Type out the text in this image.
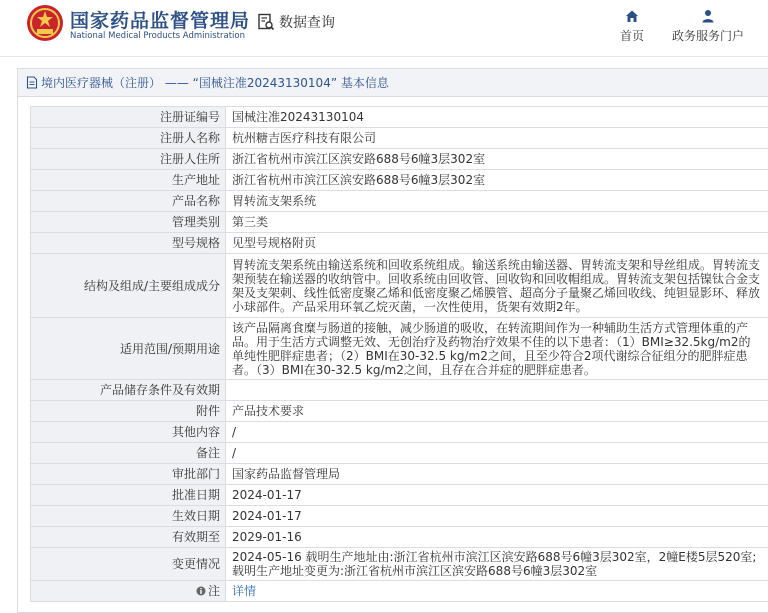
国家药品监督管理局
National Medical Products Administration
数据查询
首页 政务服务门户
境内医疗器械（注册） —— “国械注准20243130104” 基本信息
注册证编号	国械注准20243130104
注册人名称	杭州糖吉医疗科技有限公司
注册人住所	浙江省杭州市滨江区滨安路688号6幢3层302室
生产地址	浙江省杭州市滨江区滨安路688号6幢3层302室
产品名称	胃转流支架系统
管理类别	第三类
型号规格	见型号规格附页
结构及组成/主要组成成分	胃转流支架系统由输送系统和回收系统组成。输送系统由输送器、胃转流支架和导丝组成。胃转流支架预装在输送器的收纳管中。回收系统由回收管、回收钩和回收帽组成。胃转流支架包括镍钛合金支架及支架刺、线性低密度聚乙烯和低密度聚乙烯膜管、超高分子量聚乙烯回收线、纯钽显影环、释放小球部件。产品采用环氧乙烷灭菌，一次性使用，货架有效期2年。
适用范围/预期用途	该产品隔离食糜与肠道的接触，减少肠道的吸收，在转流期间作为一种辅助生活方式管理体重的产品。用于生活方式调整无效、无创治疗及药物治疗效果不佳的以下患者：（1）BMI≥32.5kg/m2的单纯性肥胖症患者；（2）BMI在30-32.5 kg/m2之间，且至少符合2项代谢综合征组分的肥胖症患者。（3）BMI在30-32.5 kg/m2之间，且存在合并症的肥胖症患者。
产品储存条件及有效期	
附件	产品技术要求
其他内容	/
备注	/
审批部门	国家药品监督管理局
批准日期	2024-01-17
生效日期	2024-01-17
有效期至	2029-01-16
变更情况	2024-05-16 载明生产地址由:浙江省杭州市滨江区滨安路688号6幢3层302室，2幢E楼5层520室;载明生产地址变更为:浙江省杭州市滨江区滨安路688号6幢3层302室
注	详情
